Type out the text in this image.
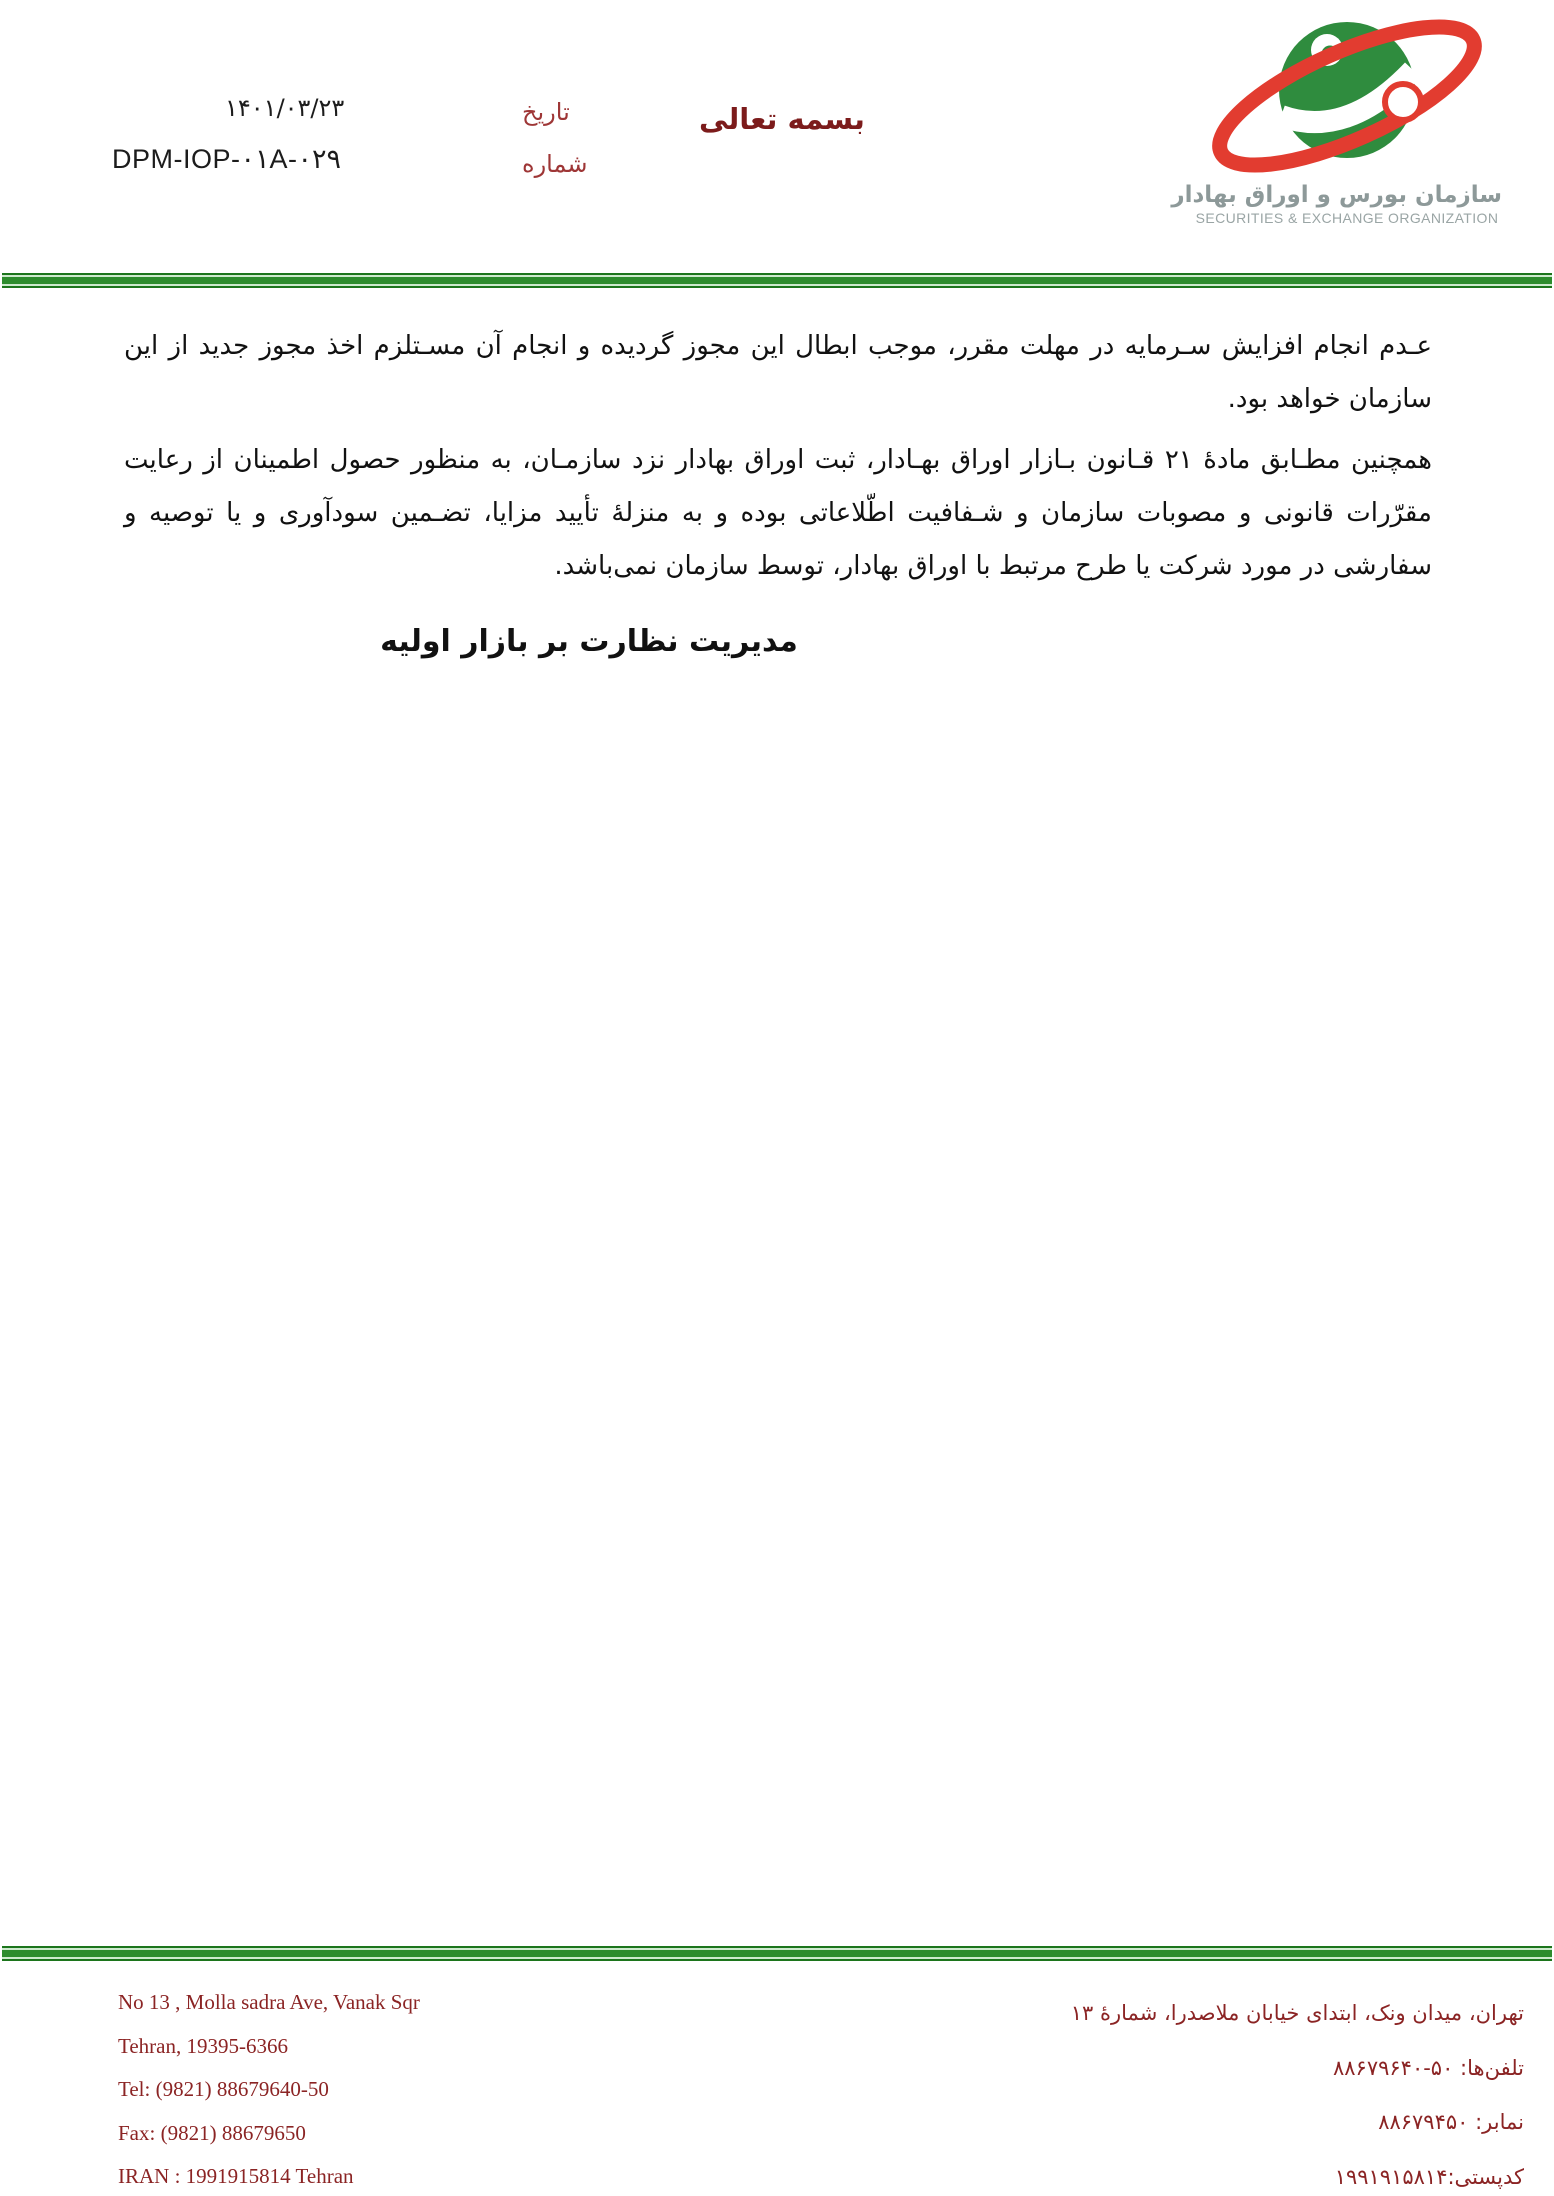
۱۴۰۱/۰۳/۲۳	تاریخ
DPM-IOP-۰۱A-۰۲۹	شماره
بسمه تعالی
سازمان بورس و اوراق بهادار
SECURITIES & EXCHANGE ORGANIZATION

عـدم انجام افزایش سـرمایه در مهلت مقرر، موجب ابطال این مجوز گردیده و انجام آن مسـتلزم اخذ مجوز جدید از این سازمان خواهد بود.

همچنین مطـابق مادهٔ ۲۱ قـانون بـازار اوراق بهـادار، ثبت اوراق بهادار نزد سازمـان، به منظور حصول اطمینان از رعایت مقرّرات قانونی و مصوبات سازمان و شـفافیت اطّلاعاتی بوده و به منزلهٔ تأیید مزایا، تضـمین سودآوری و یا توصیه و سفارشی در مورد شرکت یا طرح مرتبط با اوراق بهادار، توسط سازمان نمی‌باشد.

مدیریت نظارت بر بازار اولیه
No 13 , Molla sadra Ave, Vanak Sqr
Tehran, 19395-6366
Tel: (9821) 88679640-50
Fax: (9821) 88679650
IRAN : 1991915814 Tehran
تهران، میدان ونک، ابتدای خیابان ملاصدرا، شمارهٔ ۱۳
تلفن‌ها: ۵۰-۸۸۶۷۹۶۴۰
نمابر: ۸۸۶۷۹۴۵۰
کدپستی:۱۹۹۱۹۱۵۸۱۴
